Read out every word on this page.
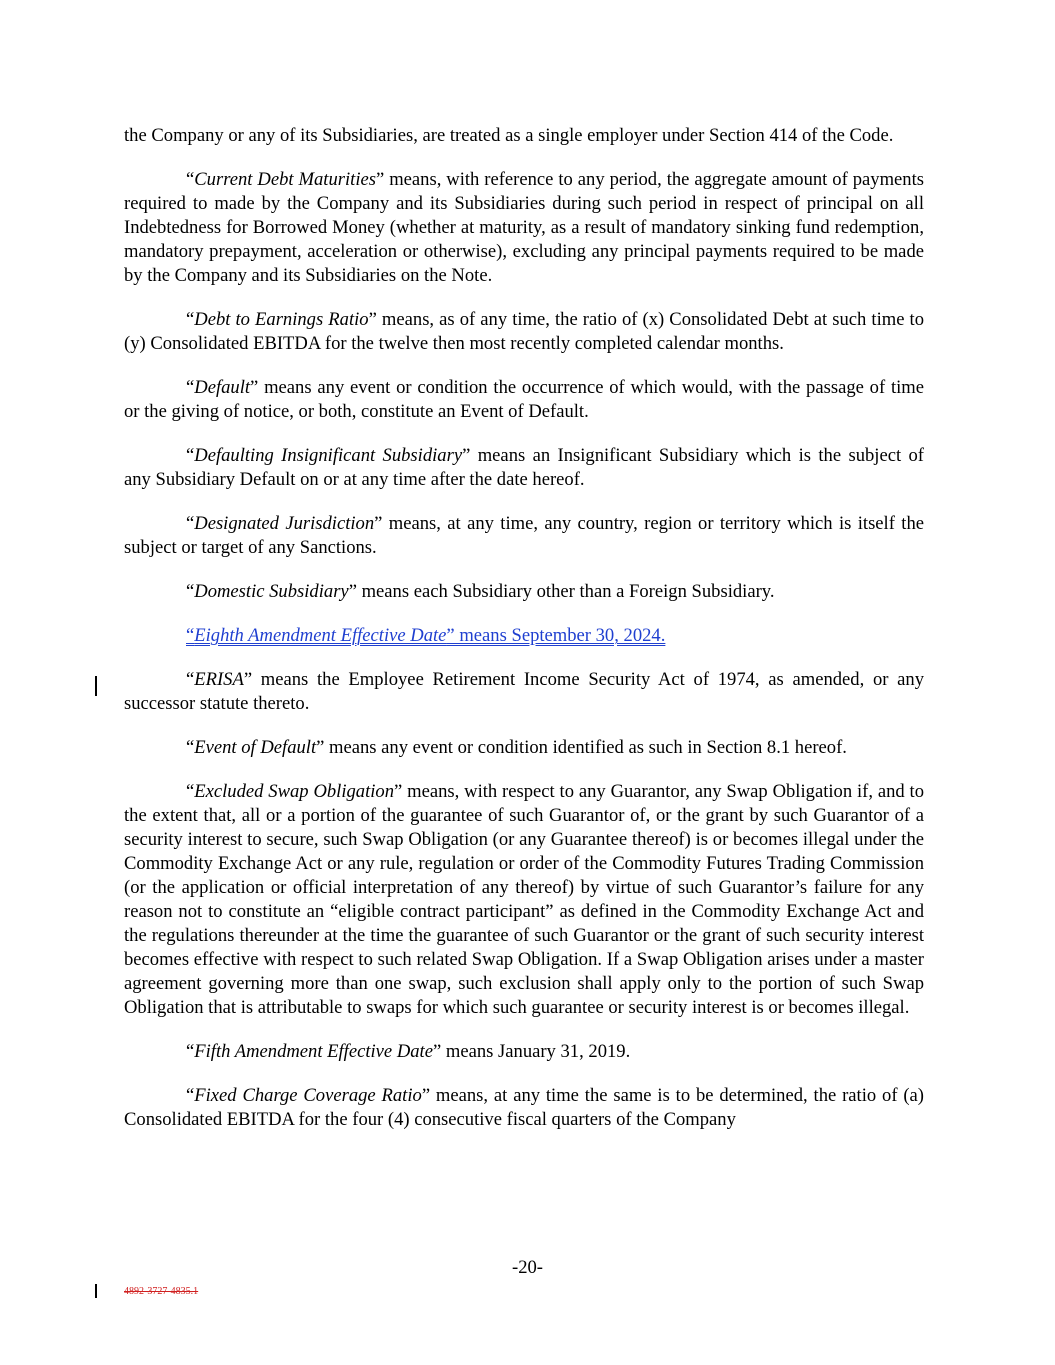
the Company or any of its Subsidiaries, are treated as a single employer under Section 414 of the Code.

“Current Debt Maturities” means, with reference to any period, the aggregate amount of payments required to made by the Company and its Subsidiaries during such period in respect of principal on all Indebtedness for Borrowed Money (whether at maturity, as a result of mandatory sinking fund redemption, mandatory prepayment, acceleration or otherwise), excluding any principal payments required to be made by the Company and its Subsidiaries on the Note.

“Debt to Earnings Ratio” means, as of any time, the ratio of (x) Consolidated Debt at such time to (y) Consolidated EBITDA for the twelve then most recently completed calendar months.

“Default” means any event or condition the occurrence of which would, with the passage of time or the giving of notice, or both, constitute an Event of Default.

“Defaulting Insignificant Subsidiary” means an Insignificant Subsidiary which is the subject of any Subsidiary Default on or at any time after the date hereof.

“Designated Jurisdiction” means, at any time, any country, region or territory which is itself the subject or target of any Sanctions.

“Domestic Subsidiary” means each Subsidiary other than a Foreign Subsidiary.

“Eighth Amendment Effective Date” means September 30, 2024.

“ERISA” means the Employee Retirement Income Security Act of 1974, as amended, or any successor statute thereto.

“Event of Default” means any event or condition identified as such in Section 8.1 hereof.

“Excluded Swap Obligation” means, with respect to any Guarantor, any Swap Obligation if, and to the extent that, all or a portion of the guarantee of such Guarantor of, or the grant by such Guarantor of a security interest to secure, such Swap Obligation (or any Guarantee thereof) is or becomes illegal under the Commodity Exchange Act or any rule, regulation or order of the Commodity Futures Trading Commission (or the application or official interpretation of any thereof) by virtue of such Guarantor’s failure for any reason not to constitute an “eligible contract participant” as defined in the Commodity Exchange Act and the regulations thereunder at the time the guarantee of such Guarantor or the grant of such security interest becomes effective with respect to such related Swap Obligation. If a Swap Obligation arises under a master agreement governing more than one swap, such exclusion shall apply only to the portion of such Swap Obligation that is attributable to swaps for which such guarantee or security interest is or becomes illegal.

“Fifth Amendment Effective Date” means January 31, 2019.

“Fixed Charge Coverage Ratio” means, at any time the same is to be determined, the ratio of (a) Consolidated EBITDA for the four (4) consecutive fiscal quarters of the Company

-20-
4892-3727-4835.1
